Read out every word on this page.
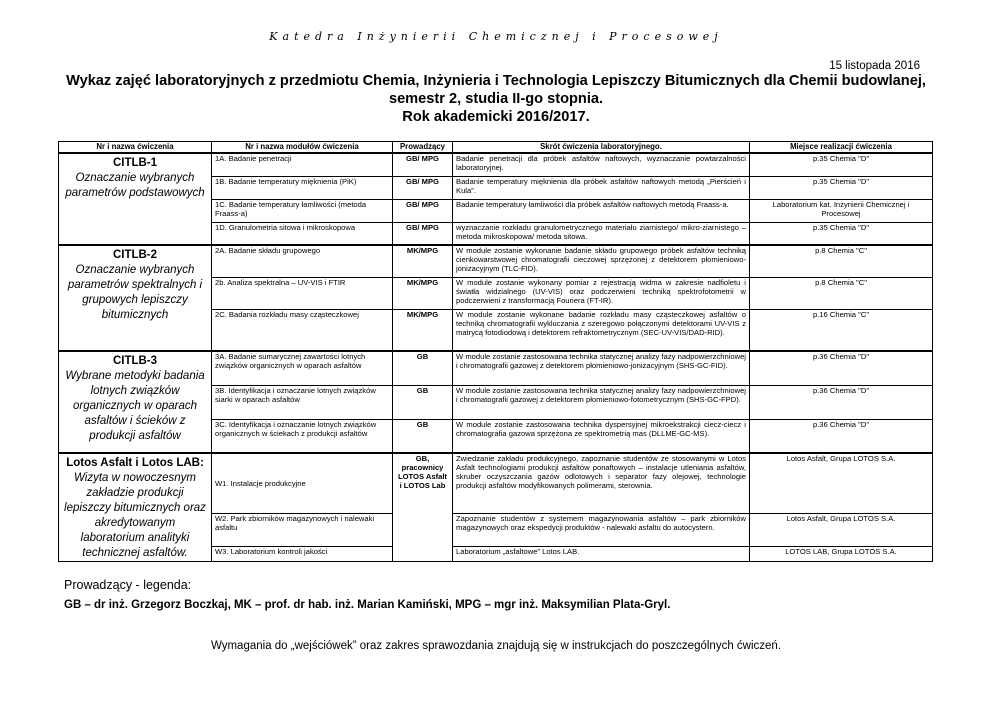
Katedra Inżynierii Chemicznej i Procesowej
15 listopada 2016
Wykaz zajęć laboratoryjnych z przedmiotu Chemia, Inżynieria i Technologia Lepiszczy Bitumicznych dla Chemii budowlanej,
semestr 2, studia II-go stopnia.
Rok akademicki 2016/2017.
Nr i nazwa ćwiczenia	Nr i nazwa modułów ćwiczenia	Prowadzący	Skrót ćwiczenia laboratoryjnego.	Miejsce realizacji ćwiczenia

CITLB-1
Oznaczanie wybranych parametrów podstawowych	1A. Badanie penetracji	GB/ MPG	Badanie penetracji dla próbek asfaltów naftowych, wyznaczanie powtarzalności laboratoryjnej.	p.35 Chemia "D"
	1B. Badanie temperatury mięknienia (PiK)	GB/ MPG	Badanie temperatury mięknienia dla próbek asfaltów naftowych metodą „Pierścień i Kula”.	p.35 Chemia "D"
	1C. Badanie temperatury łamliwości (metoda Fraass-a)	GB/ MPG	Badanie temperatury łamliwości dla próbek asfaltów naftowych metodą Fraass-a.	Laboratorium kat. Inżynierii Chemicznej i Procesowej
	1D. Granulometria sitowa i mikroskopowa	GB/ MPG	wyznaczanie rozkładu granulometrycznego materiału ziarnistego/ mikro-ziarnistego – metoda mikroskopowa/ metoda sitowa.	p.35 Chemia "D"

CITLB-2
Oznaczanie wybranych parametrów spektralnych i grupowych lepiszczy bitumicznych	2A. Badanie składu grupowego	MK/MPG	W module zostanie wykonanie badanie składu grupowego próbek asfaltów techniką cienkowarstwowej chromatografii cieczowej sprzężonej z detektorem płomieniowo-jonizacyjnym (TLC-FID).	p.8 Chemia "C"
	2b. Analiza spektralna – UV-VIS i FTIR	MK/MPG	W module zostanie wykonany pomiar z rejestracją widma w zakresie nadfioletu i światła widzialnego (UV-VIS) oraz podczerwieni techniką spektrofotometrii w podczerwieni z transformacją Fouriera (FT-IR).	p.8 Chemia "C"
	2C. Badania rozkładu masy cząsteczkowej	MK/MPG	W module zostanie wykonane badanie rozkładu masy cząsteczkowej asfaltów o techniką chromatografii wykluczania z szeregowo połączonymi detektorami UV-VIS z matrycą fotodiodową i detektorem refraktometrycznym (SEC-UV-VIS/DAD-RID).	p.16 Chemia "C"

CITLB-3
Wybrane metodyki badania lotnych związków organicznych w oparach asfaltów i ścieków z produkcji asfaltów	3A. Badanie sumarycznej zawartości lotnych związków organicznych w oparach asfaltów	GB	W module zostanie zastosowana technika statycznej analizy fazy nadpowierzchniowej i chromatografii gazowej z detektorem płomieniowo-jonizacyjnym (SHS-GC-FID).	p.36 Chemia "D"
	3B. Identyfikacja i oznaczanie lotnych związków siarki w oparach asfaltów	GB	W module zostanie zastosowana technika statycznej analizy fazy nadpowierzchniowej i chromatografii gazowej z detektorem płomieniowo-fotometrycznym (SHS-GC-FPD).	p.36 Chemia "D"
	3C. Identyfikacja i oznaczanie lotnych związków organicznych w ściekach z produkcji asfaltów	GB	W module zostanie zastosowana technika dyspersyjnej mikroekstrakcji ciecz-ciecz i chromatografia gazowa sprzężona ze spektrometrią mas (DLLME-GC-MS).	p.36 Chemia "D"

Lotos Asfalt i Lotos LAB:
Wizyta w nowoczesnym zakładzie produkcji lepiszczy bitumicznych oraz akredytowanym laboratorium analityki technicznej asfaltów.	W1. Instalacje produkcyjne	GB, pracownicy LOTOS Asfalt i LOTOS Lab	Zwiedzanie zakładu produkcyjnego, zapoznanie studentów ze stosowanymi w Lotos Asfalt technologiami produkcji asfaltów ponaftowych – instalacje utleniania asfaltów, skruber oczyszczania gazów odlotowych i separator fazy olejowej, technologie produkcji asfaltów modyfikowanych polimerami, sterownia.	Lotos Asfalt, Grupa LOTOS S.A.
	W2. Park zbiorników magazynowych i nalewaki asfaltu		Zapoznanie studentów z systemem magazynowania asfaltów – park zbiorników magazynowych oraz ekspedycji produktów - nalewaki asfaltu do autocystern.	Lotos Asfalt, Grupa LOTOS S.A.
	W3. Laboratorium kontroli jakości		Laboratorium „asfaltowe” Lotos LAB.	LOTOS LAB, Grupa LOTOS S.A.
Prowadzący - legenda:
GB – dr inż. Grzegorz Boczkaj, MK – prof. dr hab. inż. Marian Kamiński, MPG – mgr inż. Maksymilian Plata-Gryl.
Wymagania do „wejściówek” oraz zakres sprawozdania znajdują się w instrukcjach do poszczególnych ćwiczeń.
